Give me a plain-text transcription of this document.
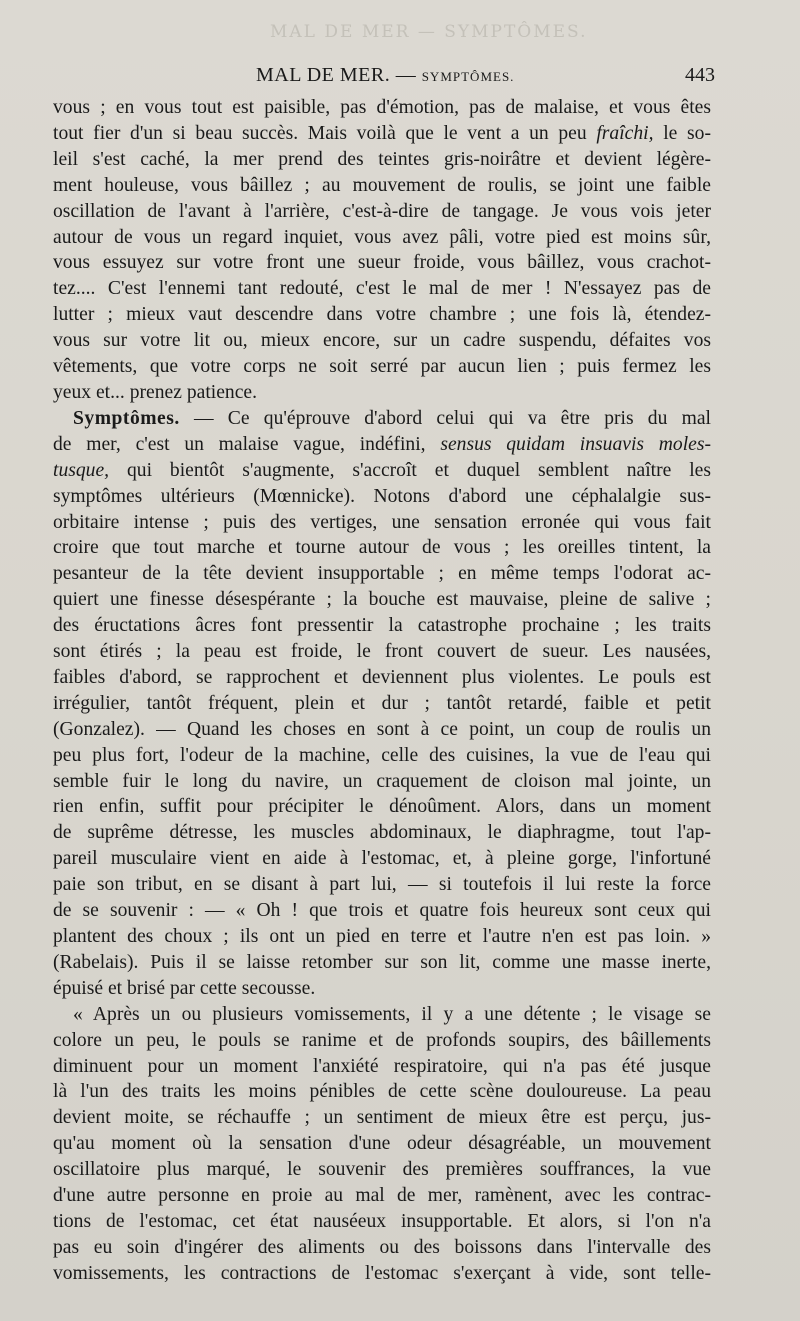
MAL DE MER — SYMPTÔMES.
MAL DE MER. — SYMPTÔMES.	443

vous ; en vous tout est paisible, pas d'émotion, pas de malaise, et vous êtes
tout fier d'un si beau succès. Mais voilà que le vent a un peu fraîchi, le so-
leil s'est caché, la mer prend des teintes gris-noirâtre et devient légère-
ment houleuse, vous bâillez ; au mouvement de roulis, se joint une faible
oscillation de l'avant à l'arrière, c'est-à-dire de tangage. Je vous vois jeter
autour de vous un regard inquiet, vous avez pâli, votre pied est moins sûr,
vous essuyez sur votre front une sueur froide, vous bâillez, vous crachot-
tez.... C'est l'ennemi tant redouté, c'est le mal de mer ! N'essayez pas de
lutter ; mieux vaut descendre dans votre chambre ; une fois là, étendez-
vous sur votre lit ou, mieux encore, sur un cadre suspendu, défaites vos
vêtements, que votre corps ne soit serré par aucun lien ; puis fermez les
yeux et... prenez patience.

Symptômes. — Ce qu'éprouve d'abord celui qui va être pris du mal
de mer, c'est un malaise vague, indéfini, sensus quidam insuavis moles-
tusque, qui bientôt s'augmente, s'accroît et duquel semblent naître les
symptômes ultérieurs (Mœnnicke). Notons d'abord une céphalalgie sus-
orbitaire intense ; puis des vertiges, une sensation erronée qui vous fait
croire que tout marche et tourne autour de vous ; les oreilles tintent, la
pesanteur de la tête devient insupportable ; en même temps l'odorat ac-
quiert une finesse désespérante ; la bouche est mauvaise, pleine de salive ;
des éructations âcres font pressentir la catastrophe prochaine ; les traits
sont étirés ; la peau est froide, le front couvert de sueur. Les nausées,
faibles d'abord, se rapprochent et deviennent plus violentes. Le pouls est
irrégulier, tantôt fréquent, plein et dur ; tantôt retardé, faible et petit
(Gonzalez). — Quand les choses en sont à ce point, un coup de roulis un
peu plus fort, l'odeur de la machine, celle des cuisines, la vue de l'eau qui
semble fuir le long du navire, un craquement de cloison mal jointe, un
rien enfin, suffit pour précipiter le dénoûment. Alors, dans un moment
de suprême détresse, les muscles abdominaux, le diaphragme, tout l'ap-
pareil musculaire vient en aide à l'estomac, et, à pleine gorge, l'infortuné
paie son tribut, en se disant à part lui, — si toutefois il lui reste la force
de se souvenir : — « Oh ! que trois et quatre fois heureux sont ceux qui
plantent des choux ; ils ont un pied en terre et l'autre n'en est pas loin. »
(Rabelais). Puis il se laisse retomber sur son lit, comme une masse inerte,
épuisé et brisé par cette secousse.

« Après un ou plusieurs vomissements, il y a une détente ; le visage se
colore un peu, le pouls se ranime et de profonds soupirs, des bâillements
diminuent pour un moment l'anxiété respiratoire, qui n'a pas été jusque
là l'un des traits les moins pénibles de cette scène douloureuse. La peau
devient moite, se réchauffe ; un sentiment de mieux être est perçu, jus-
qu'au moment où la sensation d'une odeur désagréable, un mouvement
oscillatoire plus marqué, le souvenir des premières souffrances, la vue
d'une autre personne en proie au mal de mer, ramènent, avec les contrac-
tions de l'estomac, cet état nauséeux insupportable. Et alors, si l'on n'a
pas eu soin d'ingérer des aliments ou des boissons dans l'intervalle des
vomissements, les contractions de l'estomac s'exerçant à vide, sont telle-
